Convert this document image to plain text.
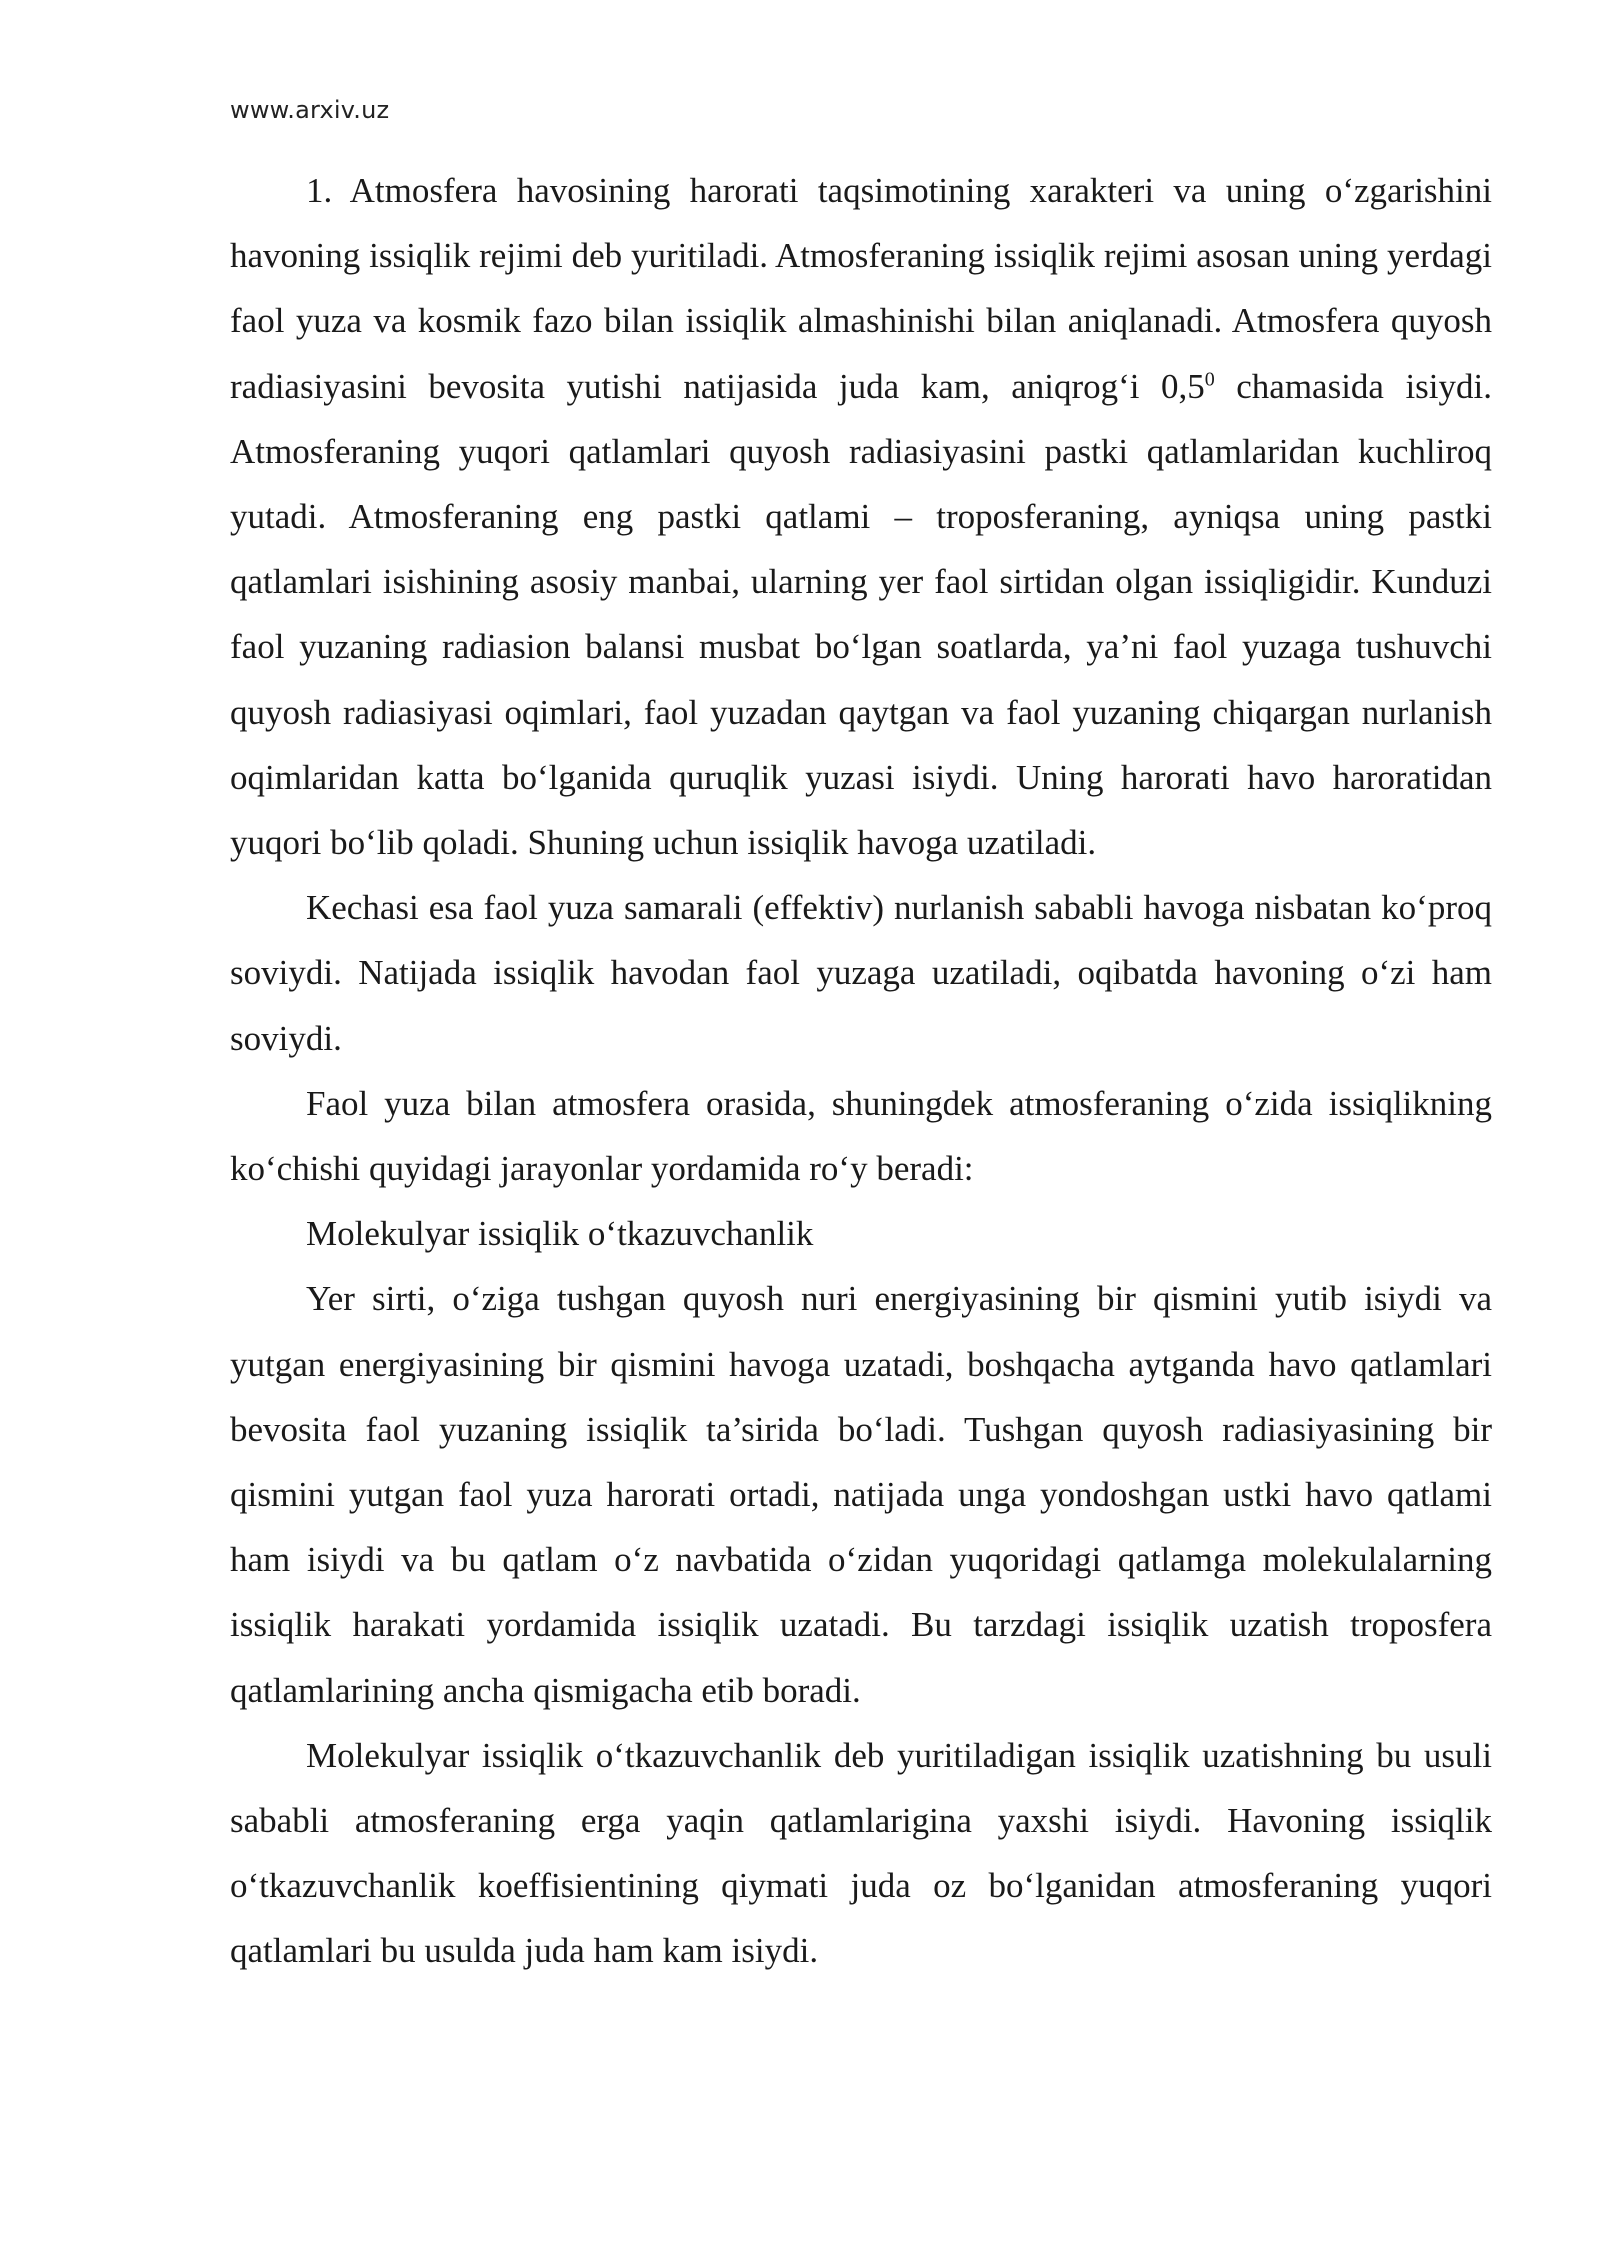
www.arxiv.uz

1. Atmosfera havosining harorati taqsimotining xarakteri va uning o‘zgarishini havoning issiqlik rejimi deb yuritiladi. Atmosferaning issiqlik rejimi asosan uning yerdagi faol yuza va kosmik fazo bilan issiqlik almashinishi bilan aniqlanadi. Atmosfera quyosh radiasiyasini bevosita yutishi natijasida juda kam, aniqrog‘i $0,5^0$ chamasida isiydi. Atmosferaning yuqori qatlamlari quyosh radiasiyasini pastki qatlamlaridan kuchliroq yutadi. Atmosferaning eng pastki qatlami – troposferaning, ayniqsa uning pastki qatlamlari isishining asosiy manbai, ularning yer faol sirtidan olgan issiqligidir. Kunduzi faol yuzaning radiasion balansi musbat bo‘lgan soatlarda, ya’ni faol yuzaga tushuvchi quyosh radiasiyasi oqimlari, faol yuzadan qaytgan va faol yuzaning chiqargan nurlanish oqimlaridan katta bo‘lganida quruqlik yuzasi isiydi. Uning harorati havo haroratidan yuqori bo‘lib qoladi. Shuning uchun issiqlik havoga uzatiladi.

Kechasi esa faol yuza samarali (effektiv) nurlanish sababli havoga nisbatan ko‘proq soviydi. Natijada issiqlik havodan faol yuzaga uzatiladi, oqibatda havoning o‘zi ham soviydi.

Faol yuza bilan atmosfera orasida, shuningdek atmosferaning o‘zida issiqlikning ko‘chishi quyidagi jarayonlar yordamida ro‘y beradi:

Molekulyar issiqlik o‘tkazuvchanlik

Yer sirti, o‘ziga tushgan quyosh nuri energiyasining bir qismini yutib isiydi va yutgan energiyasining bir qismini havoga uzatadi, boshqacha aytganda havo qatlamlari bevosita faol yuzaning issiqlik ta’sirida bo‘ladi. Tushgan quyosh radiasiyasining bir qismini yutgan faol yuza harorati ortadi, natijada unga yondoshgan ustki havo qatlami ham isiydi va bu qatlam o‘z navbatida o‘zidan yuqoridagi qatlamga molekulalarning issiqlik harakati yordamida issiqlik uzatadi. Bu tarzdagi issiqlik uzatish troposfera qatlamlarining ancha qismigacha etib boradi.

Molekulyar issiqlik o‘tkazuvchanlik deb yuritiladigan issiqlik uzatishning bu usuli sababli atmosferaning erga yaqin qatlamlarigina yaxshi isiydi. Havoning issiqlik o‘tkazuvchanlik koeffisientining qiymati juda oz bo‘lganidan atmosferaning yuqori qatlamlari bu usulda juda ham kam isiydi.
